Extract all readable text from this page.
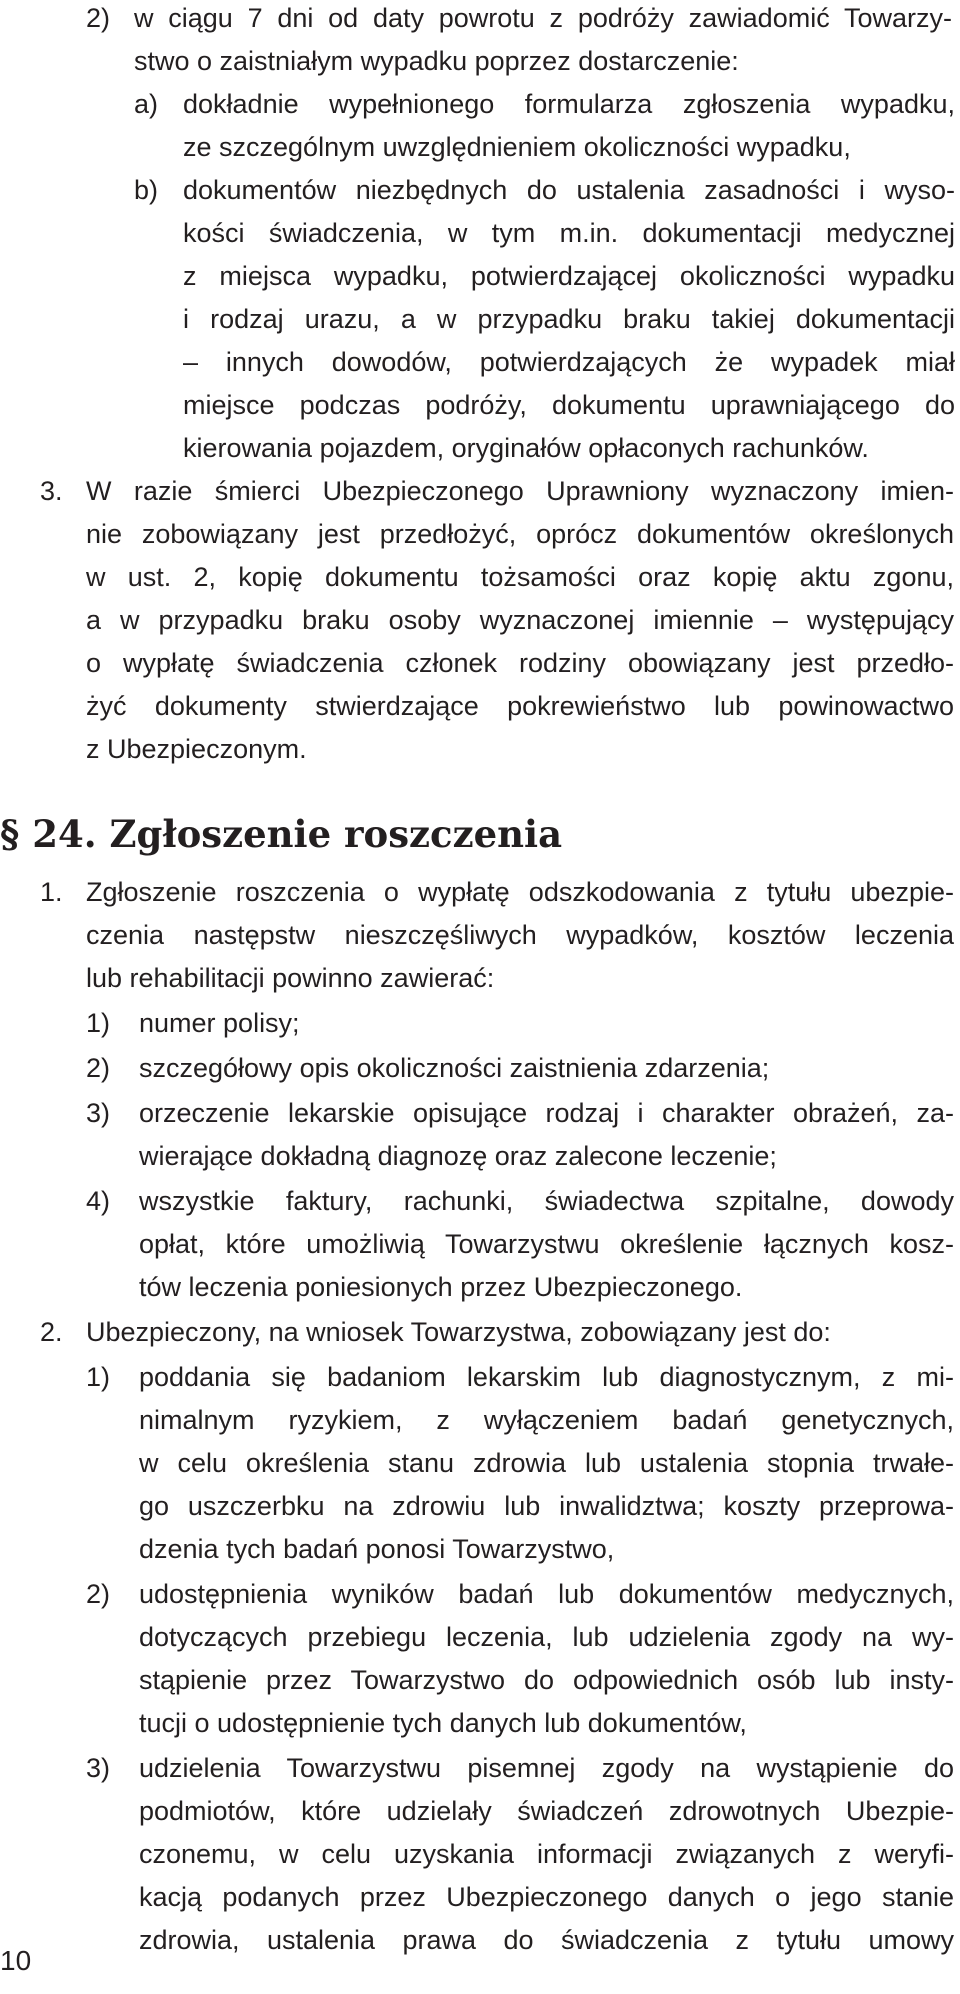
2) w ciągu 7 dni od daty powrotu z podróży zawiadomić Towarzy-
stwo o zaistniałym wypadku poprzez dostarczenie:
a) dokładnie wypełnionego formularza zgłoszenia wypadku,
ze szczególnym uwzględnieniem okoliczności wypadku,
b) dokumentów niezbędnych do ustalenia zasadności i wyso-
kości świadczenia, w tym m.in. dokumentacji medycznej
z miejsca wypadku, potwierdzającej okoliczności wypadku
i rodzaj urazu, a w przypadku braku takiej dokumentacji
– innych dowodów, potwierdzających że wypadek miał
miejsce podczas podróży, dokumentu uprawniającego do
kierowania pojazdem, oryginałów opłaconych rachunków.
3. W razie śmierci Ubezpieczonego Uprawniony wyznaczony imien-
nie zobowiązany jest przedłożyć, oprócz dokumentów określonych
w ust. 2, kopię dokumentu tożsamości oraz kopię aktu zgonu,
a w przypadku braku osoby wyznaczonej imiennie – występujący
o wypłatę świadczenia członek rodziny obowiązany jest przedło-
żyć dokumenty stwierdzające pokrewieństwo lub powinowactwo
z Ubezpieczonym.
§ 24. Zgłoszenie roszczenia
1. Zgłoszenie roszczenia o wypłatę odszkodowania z tytułu ubezpie-
czenia następstw nieszczęśliwych wypadków, kosztów leczenia
lub rehabilitacji powinno zawierać:
1) numer polisy;
2) szczegółowy opis okoliczności zaistnienia zdarzenia;
3) orzeczenie lekarskie opisujące rodzaj i charakter obrażeń, za-
wierające dokładną diagnozę oraz zalecone leczenie;
4) wszystkie faktury, rachunki, świadectwa szpitalne, dowody
opłat, które umożliwią Towarzystwu określenie łącznych kosz-
tów leczenia poniesionych przez Ubezpieczonego.
2. Ubezpieczony, na wniosek Towarzystwa, zobowiązany jest do:
1) poddania się badaniom lekarskim lub diagnostycznym, z mi-
nimalnym ryzykiem, z wyłączeniem badań genetycznych,
w celu określenia stanu zdrowia lub ustalenia stopnia trwałe-
go uszczerbku na zdrowiu lub inwalidztwa; koszty przeprowa-
dzenia tych badań ponosi Towarzystwo,
2) udostępnienia wyników badań lub dokumentów medycznych,
dotyczących przebiegu leczenia, lub udzielenia zgody na wy-
stąpienie przez Towarzystwo do odpowiednich osób lub insty-
tucji o udostępnienie tych danych lub dokumentów,
3) udzielenia Towarzystwu pisemnej zgody na wystąpienie do
podmiotów, które udzielały świadczeń zdrowotnych Ubezpie-
czonemu, w celu uzyskania informacji związanych z weryfi-
kacją podanych przez Ubezpieczonego danych o jego stanie
zdrowia, ustalenia prawa do świadczenia z tytułu umowy
10
